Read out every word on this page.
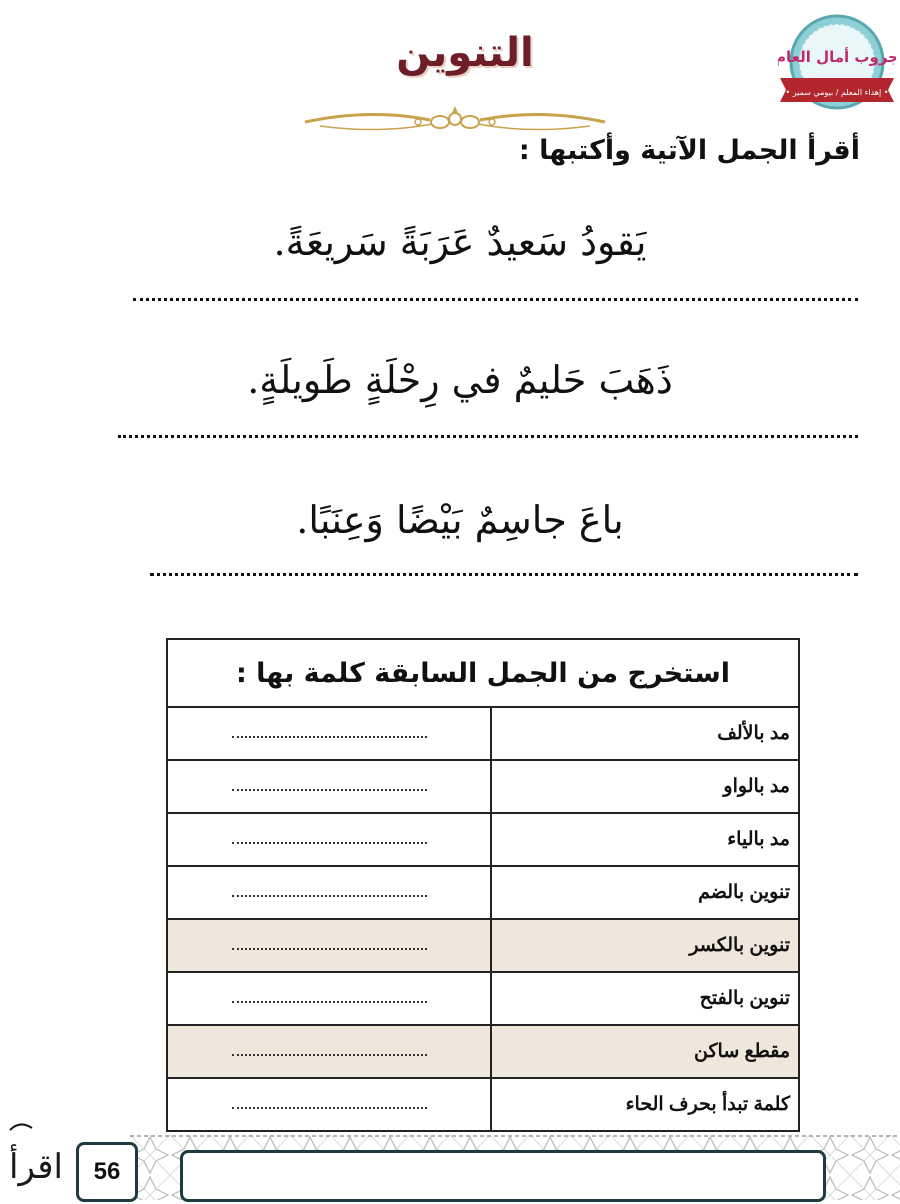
جروب أمال العام
• إهداء المعلم / بيومي سمير •
التنوين
أقرأ الجمل الآتية وأكتبها :
يَقودُ سَعيدٌ عَرَبَةً سَريعَةً.
ذَهَبَ حَليمٌ في رِحْلَةٍ طَويلَةٍ.
باعَ جاسِمٌ بَيْضًا وَعِنَبًا.
استخرج من الجمل السابقة كلمة بها :
مد بالألف
مد بالواو
مد بالياء
تنوين بالضم
تنوين بالكسر
تنوين بالفتح
مقطع ساكن
كلمة تبدأ بحرف الحاء
56
اقرأ
